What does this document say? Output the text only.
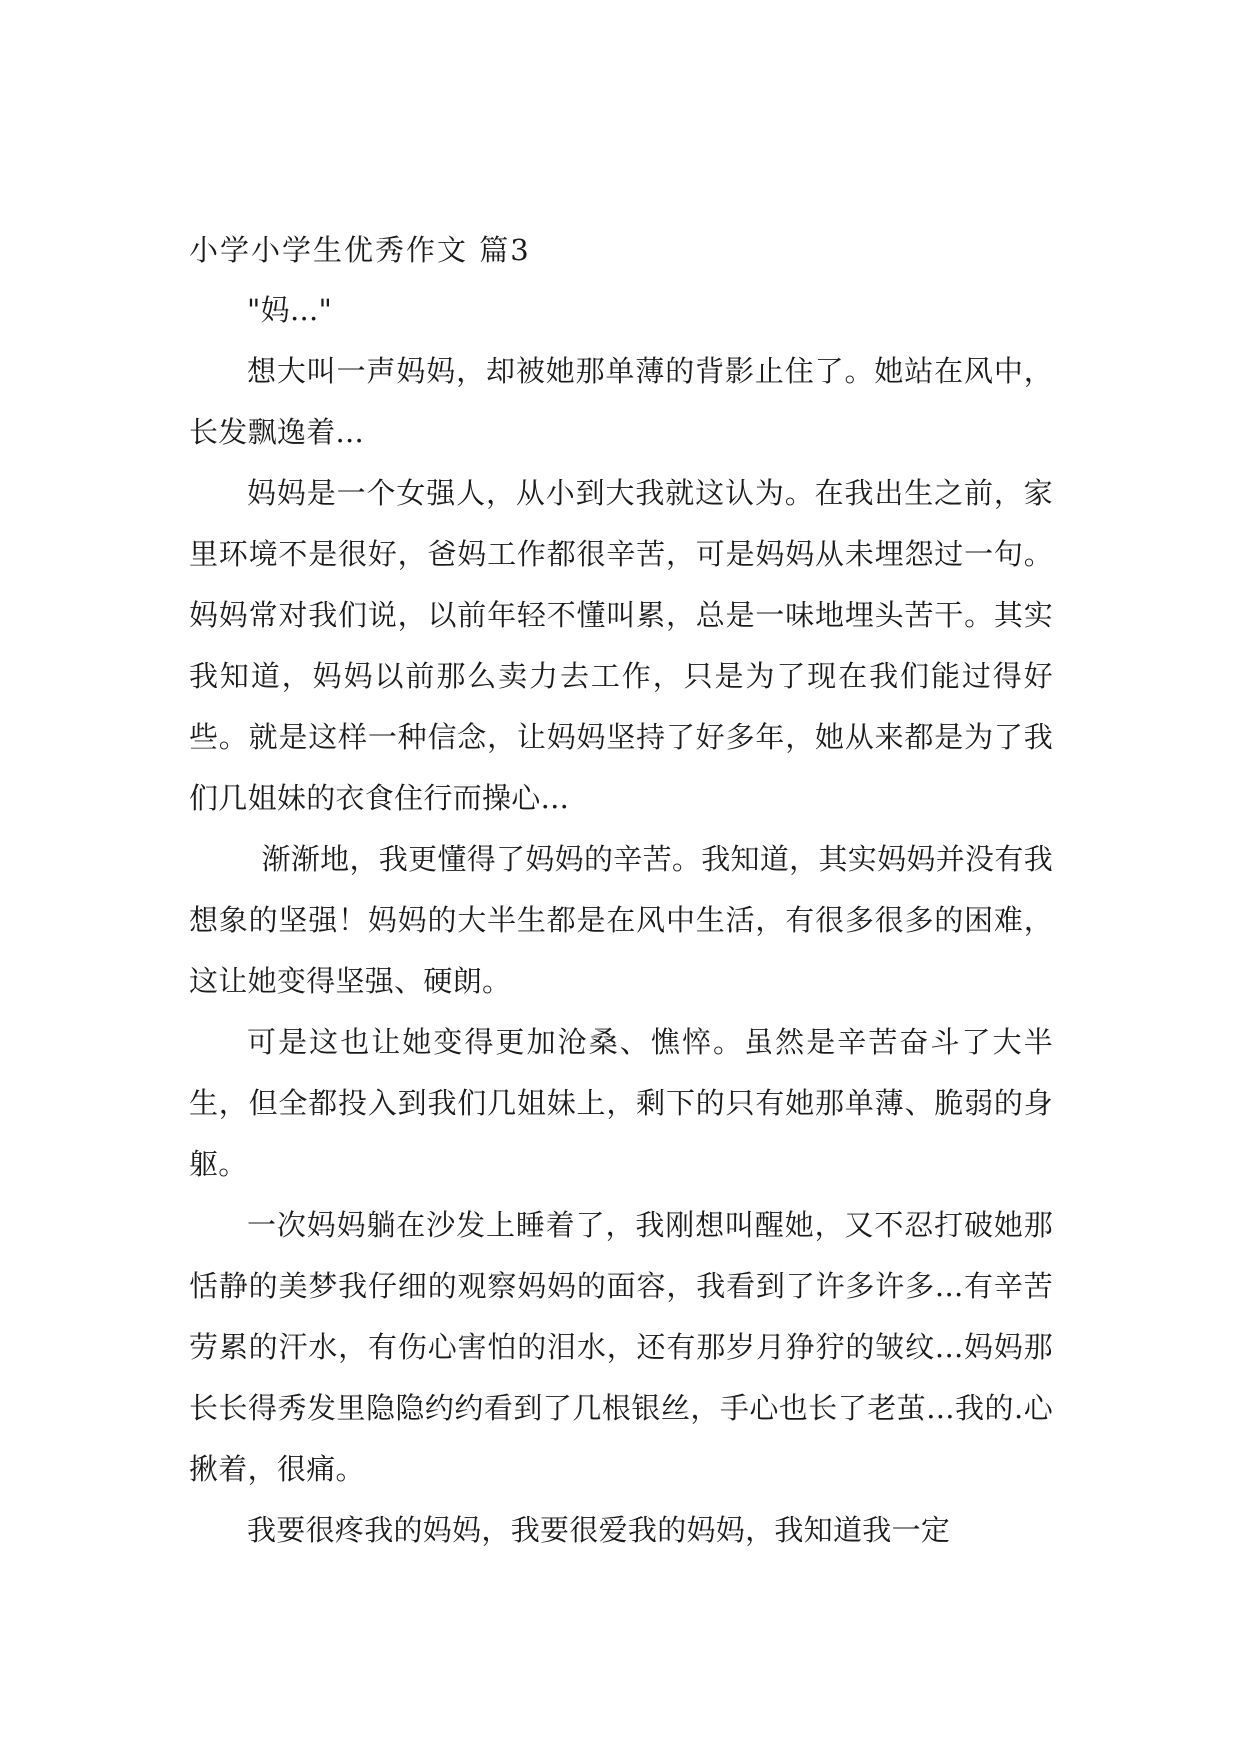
小学小学生优秀作文 篇3

"妈..."

想大叫一声妈妈，却被她那单薄的背影止住了。她站在风中，长发飘逸着...

妈妈是一个女强人，从小到大我就这认为。在我出生之前，家里环境不是很好，爸妈工作都很辛苦，可是妈妈从未埋怨过一句。妈妈常对我们说，以前年轻不懂叫累，总是一味地埋头苦干。其实我知道，妈妈以前那么卖力去工作，只是为了现在我们能过得好些。就是这样一种信念，让妈妈坚持了好多年，她从来都是为了我们几姐妹的衣食住行而操心...

渐渐地，我更懂得了妈妈的辛苦。我知道，其实妈妈并没有我想象的坚强！妈妈的大半生都是在风中生活，有很多很多的困难，这让她变得坚强、硬朗。

可是这也让她变得更加沧桑、憔悴。虽然是辛苦奋斗了大半生，但全都投入到我们几姐妹上，剩下的只有她那单薄、脆弱的身躯。

一次妈妈躺在沙发上睡着了，我刚想叫醒她，又不忍打破她那恬静的美梦我仔细的观察妈妈的面容，我看到了许多许多...有辛苦劳累的汗水，有伤心害怕的泪水，还有那岁月狰狞的皱纹...妈妈那长长得秀发里隐隐约约看到了几根银丝，手心也长了老茧...我的.心揪着，很痛。

我要很疼我的妈妈，我要很爱我的妈妈，我知道我一定
